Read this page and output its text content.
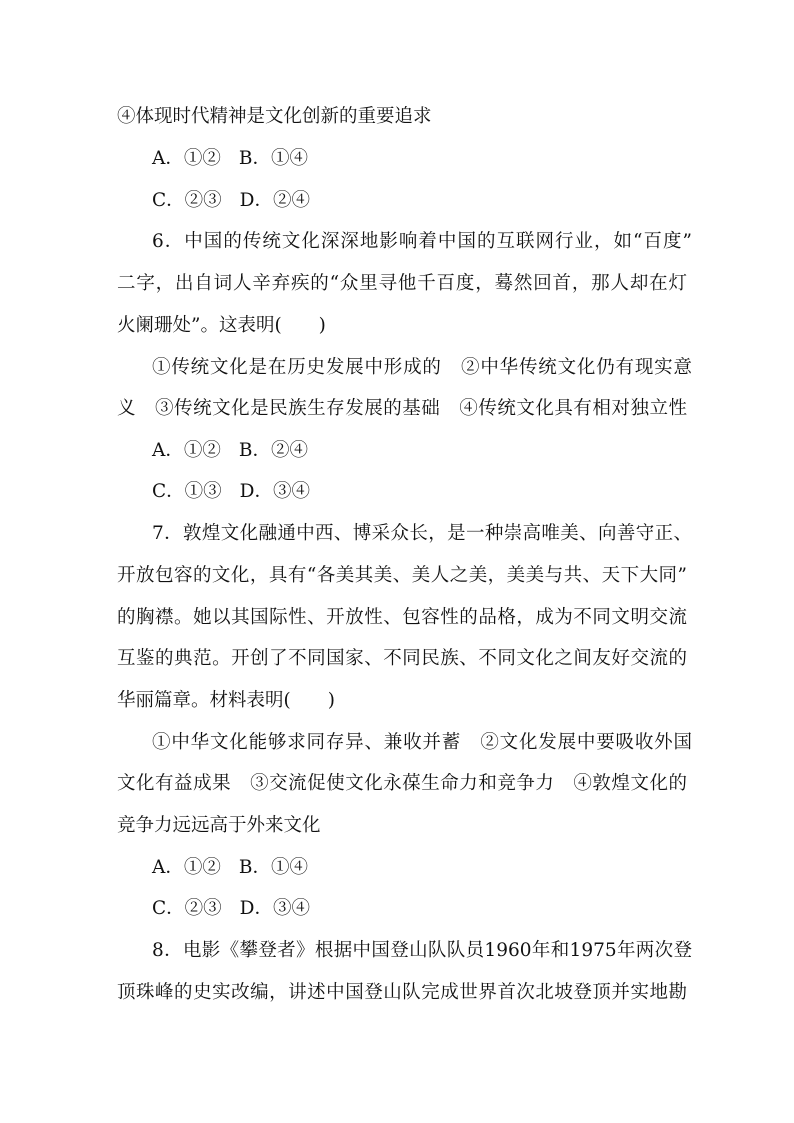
④体现时代精神是文化创新的重要追求
A．①② B．①④
C．②③ D．②④
6．中国的传统文化深深地影响着中国的互联网行业，如“百度”
二字，出自词人辛弃疾的“众里寻他千百度，蓦然回首，那人却在灯
火阑珊处”。这表明(　　)
①传统文化是在历史发展中形成的　②中华传统文化仍有现实意
义　③传统文化是民族生存发展的基础　④传统文化具有相对独立性
A．①② B．②④
C．①③ D．③④
7．敦煌文化融通中西、博采众长，是一种崇高唯美、向善守正、
开放包容的文化，具有“各美其美、美人之美，美美与共、天下大同”
的胸襟。她以其国际性、开放性、包容性的品格，成为不同文明交流
互鉴的典范。开创了不同国家、不同民族、不同文化之间友好交流的
华丽篇章。材料表明(　　)
①中华文化能够求同存异、兼收并蓄　②文化发展中要吸收外国
文化有益成果　③交流促使文化永葆生命力和竞争力　④敦煌文化的
竞争力远远高于外来文化
A．①② B．①④
C．②③ D．③④
8．电影《攀登者》根据中国登山队队员1960年和1975年两次登
顶珠峰的史实改编，讲述中国登山队完成世界首次北坡登顶并实地勘
